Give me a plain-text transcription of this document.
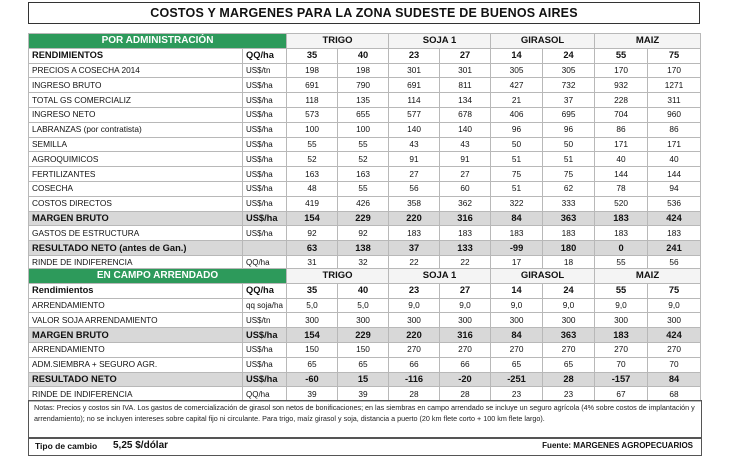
COSTOS Y MARGENES PARA LA ZONA SUDESTE DE BUENOS AIRES
POR ADMINISTRACIÓN		TRIGO		SOJA 1		GIRASOL		MAIZ	
RENDIMIENTOS	QQ/ha	35	40	23	27	14	24	55	75
PRECIOS A COSECHA 2014	US$/tn	198	198	301	301	305	305	170	170
INGRESO BRUTO	US$/ha	691	790	691	811	427	732	932	1271
TOTAL GS COMERCIALIZ	US$/ha	118	135	114	134	21	37	228	311
INGRESO NETO	US$/ha	573	655	577	678	406	695	704	960
LABRANZAS (por contratista)	US$/ha	100	100	140	140	96	96	86	86
SEMILLA	US$/ha	55	55	43	43	50	50	171	171
AGROQUIMICOS	US$/ha	52	52	91	91	51	51	40	40
FERTILIZANTES	US$/ha	163	163	27	27	75	75	144	144
COSECHA	US$/ha	48	55	56	60	51	62	78	94
COSTOS DIRECTOS	US$/ha	419	426	358	362	322	333	520	536
MARGEN BRUTO	US$/ha	154	229	220	316	84	363	183	424
GASTOS DE ESTRUCTURA	US$/ha	92	92	183	183	183	183	183	183
RESULTADO NETO (antes de Gan.)		63	138	37	133	-99	180	0	241
RINDE DE INDIFERENCIA	QQ/ha	31	32	22	22	17	18	55	56
EN CAMPO ARRENDADO		TRIGO		SOJA 1		GIRASOL		MAIZ	
Rendimientos	QQ/ha	35	40	23	27	14	24	55	75
ARRENDAMIENTO	qq soja/ha	5,0	5,0	9,0	9,0	9,0	9,0	9,0	9,0
VALOR SOJA ARRENDAMIENTO	US$/tn	300	300	300	300	300	300	300	300
MARGEN BRUTO	US$/ha	154	229	220	316	84	363	183	424
ARRENDAMIENTO	US$/ha	150	150	270	270	270	270	270	270
ADM.SIEMBRA + SEGURO AGR.	US$/ha	65	65	66	66	65	65	70	70
RESULTADO NETO	US$/ha	-60	15	-116	-20	-251	28	-157	84
RINDE DE INDIFERENCIA	QQ/ha	39	39	28	28	23	23	67	68
Notas: Precios y costos sin IVA. Los gastos de comercialización de girasol son netos de bonificaciones; en las siembras en campo arrendado se incluye un seguro agrícola (4% sobre costos de implantación y arrendamiento); no se incluyen intereses sobre capital fijo ni circulante. Para trigo, maíz girasol y soja, distancia a puerto (20 km flete corto + 100 km flete largo).
Tipo de cambio 5,25 $/dólar	Fuente: MARGENES AGROPECUARIOS
